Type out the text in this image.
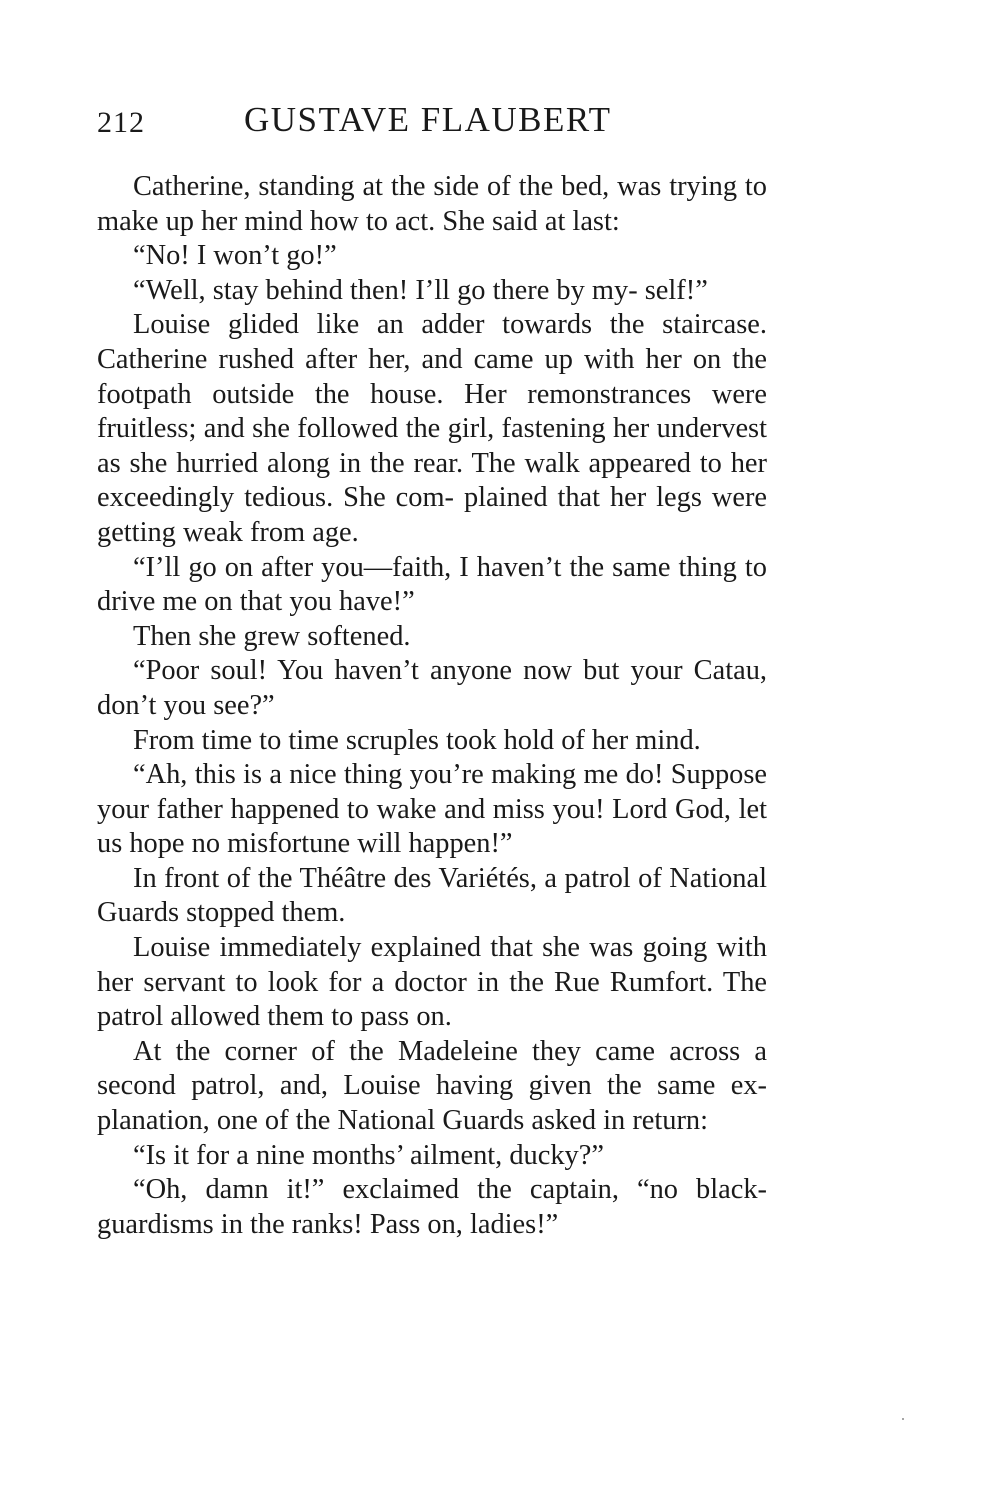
212	GUSTAVE FLAUBERT

Catherine, standing at the side of the bed, was trying to make up her mind how to act. She said at last:

“No! I won’t go!”

“Well, stay behind then! I’ll go there by my- self!”

Louise glided like an adder towards the staircase. Catherine rushed after her, and came up with her on the footpath outside the house. Her remonstrances were fruitless; and she followed the girl, fastening her undervest as she hurried along in the rear. The walk appeared to her exceedingly tedious. She com- plained that her legs were getting weak from age.

“I’ll go on after you—faith, I haven’t the same thing to drive me on that you have!”

Then she grew softened.

“Poor soul! You haven’t anyone now but your Catau, don’t you see?”

From time to time scruples took hold of her mind.

“Ah, this is a nice thing you’re making me do! Suppose your father happened to wake and miss you! Lord God, let us hope no misfortune will happen!”

In front of the Théâtre des Variétés, a patrol of National Guards stopped them.

Louise immediately explained that she was going with her servant to look for a doctor in the Rue Rumfort. The patrol allowed them to pass on.

At the corner of the Madeleine they came across a second patrol, and, Louise having given the same ex- planation, one of the National Guards asked in return:

“Is it for a nine months’ ailment, ducky?”

“Oh, damn it!” exclaimed the captain, “no black- guardisms in the ranks! Pass on, ladies!”
